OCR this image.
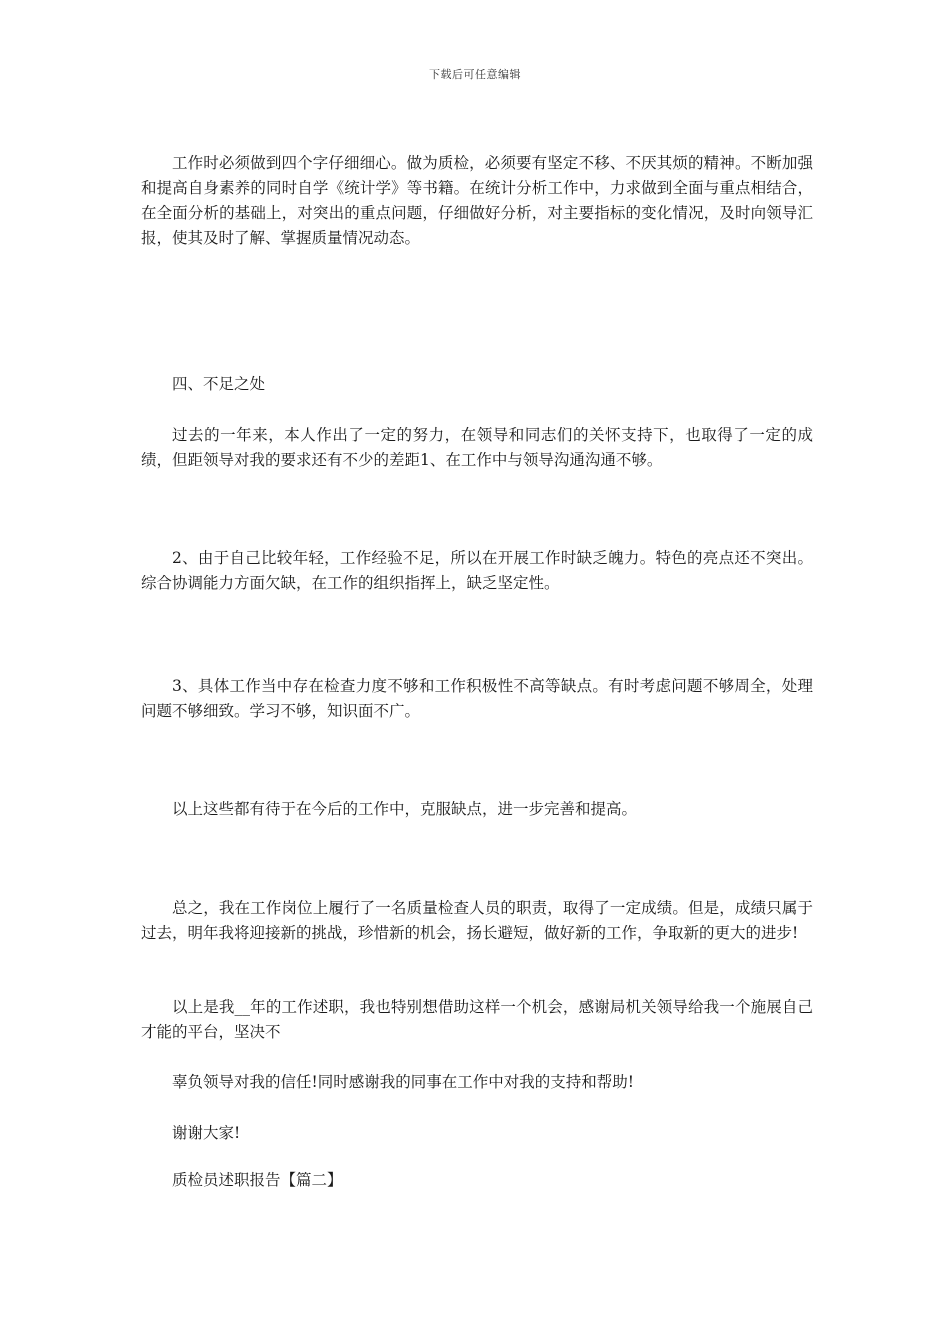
下载后可任意编辑

工作时必须做到四个字仔细细心。做为质检，必须要有坚定不移、不厌其烦的精神。不断加强和提高自身素养的同时自学《统计学》等书籍。在统计分析工作中，力求做到全面与重点相结合，在全面分析的基础上，对突出的重点问题，仔细做好分析，对主要指标的变化情况，及时向领导汇报，使其及时了解、掌握质量情况动态。

四、不足之处

过去的一年来，本人作出了一定的努力，在领导和同志们的关怀支持下，也取得了一定的成绩，但距领导对我的要求还有不少的差距1、在工作中与领导沟通沟通不够。

2、由于自己比较年轻，工作经验不足，所以在开展工作时缺乏魄力。特色的亮点还不突出。综合协调能力方面欠缺，在工作的组织指挥上，缺乏坚定性。

3、具体工作当中存在检查力度不够和工作积极性不高等缺点。有时考虑问题不够周全，处理问题不够细致。学习不够，知识面不广。

以上这些都有待于在今后的工作中，克服缺点，进一步完善和提高。

总之，我在工作岗位上履行了一名质量检查人员的职责，取得了一定成绩。但是，成绩只属于过去，明年我将迎接新的挑战，珍惜新的机会，扬长避短，做好新的工作，争取新的更大的进步!

以上是我__年的工作述职，我也特别想借助这样一个机会，感谢局机关领导给我一个施展自己才能的平台，坚决不

辜负领导对我的信任!同时感谢我的同事在工作中对我的支持和帮助!

谢谢大家!

质检员述职报告【篇二】
